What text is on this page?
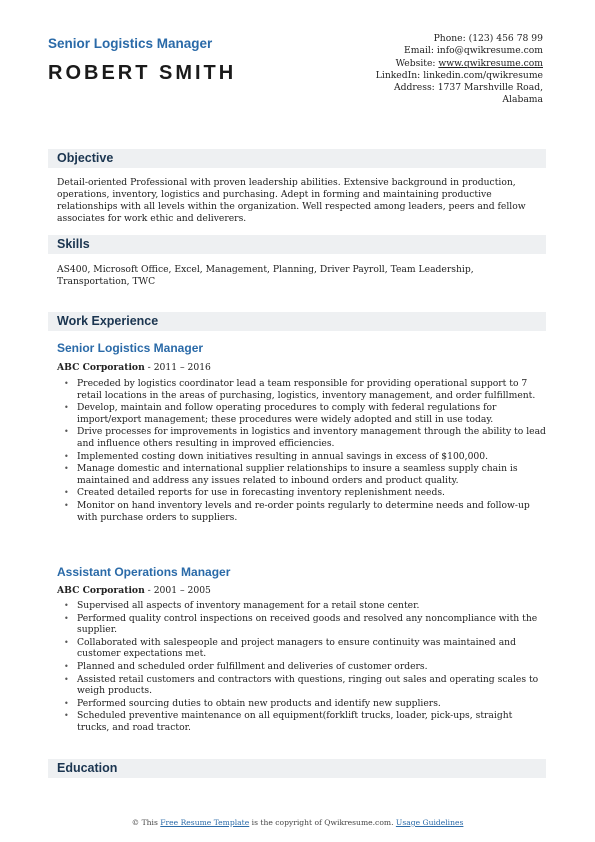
Senior Logistics Manager
ROBERT SMITH
Phone: (123) 456 78 99
Email: info@qwikresume.com
Website: www.qwikresume.com
LinkedIn: linkedin.com/qwikresume
Address: 1737 Marshville Road,
Alabama
Objective
Detail-oriented Professional with proven leadership abilities. Extensive background in production, operations, inventory, logistics and purchasing. Adept in forming and maintaining productive relationships with all levels within the organization. Well respected among leaders, peers and fellow associates for work ethic and deliverers.
Skills
AS400, Microsoft Office, Excel, Management, Planning, Driver Payroll, Team Leadership, Transportation, TWC
Work Experience
Senior Logistics Manager
ABC Corporation - 2011 – 2016
• Preceded by logistics coordinator lead a team responsible for providing operational support to 7 retail locations in the areas of purchasing, logistics, inventory management, and order fulfillment.
• Develop, maintain and follow operating procedures to comply with federal regulations for import/export management; these procedures were widely adopted and still in use today.
• Drive processes for improvements in logistics and inventory management through the ability to lead and influence others resulting in improved efficiencies.
• Implemented costing down initiatives resulting in annual savings in excess of $100,000.
• Manage domestic and international supplier relationships to insure a seamless supply chain is maintained and address any issues related to inbound orders and product quality.
• Created detailed reports for use in forecasting inventory replenishment needs.
• Monitor on hand inventory levels and re-order points regularly to determine needs and follow-up with purchase orders to suppliers.
Assistant Operations Manager
ABC Corporation - 2001 – 2005
• Supervised all aspects of inventory management for a retail stone center.
• Performed quality control inspections on received goods and resolved any noncompliance with the supplier.
• Collaborated with salespeople and project managers to ensure continuity was maintained and customer expectations met.
• Planned and scheduled order fulfillment and deliveries of customer orders.
• Assisted retail customers and contractors with questions, ringing out sales and operating scales to weigh products.
• Performed sourcing duties to obtain new products and identify new suppliers.
• Scheduled preventive maintenance on all equipment(forklift trucks, loader, pick-ups, straight trucks, and road tractor.
Education
© This Free Resume Template is the copyright of Qwikresume.com. Usage Guidelines
